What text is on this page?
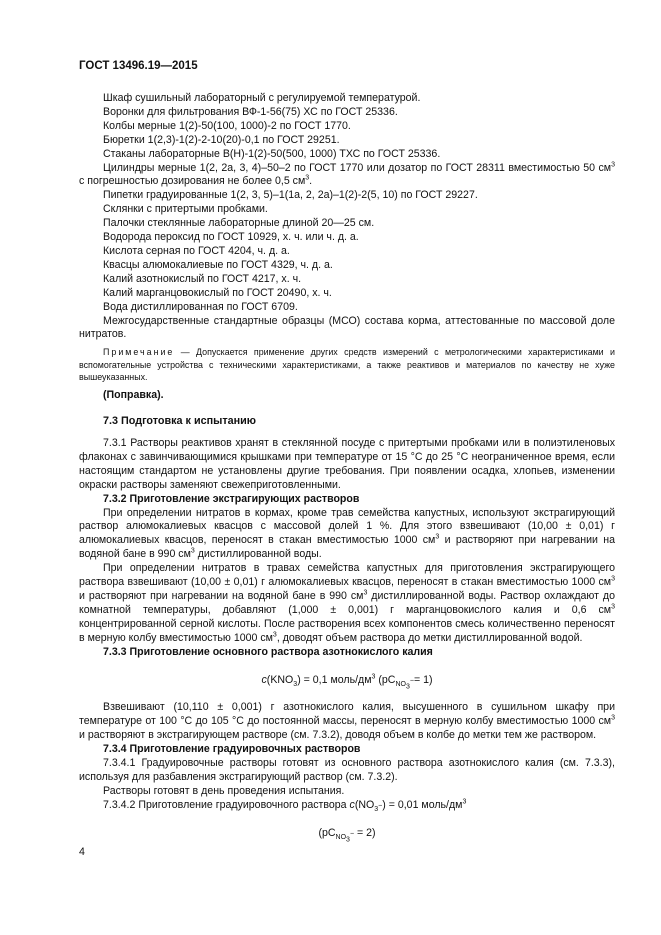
ГОСТ 13496.19—2015

Шкаф сушильный лабораторный с регулируемой температурой.

Воронки для фильтрования ВФ-1-56(75) ХС по ГОСТ 25336.

Колбы мерные 1(2)-50(100, 1000)-2 по ГОСТ 1770.

Бюретки 1(2,3)-1(2)-2-10(20)-0,1 по ГОСТ 29251.

Стаканы лабораторные В(Н)-1(2)-50(500, 1000) ТХС по ГОСТ 25336.

Цилиндры мерные 1(2, 2а, 3, 4)–50–2 по ГОСТ 1770 или дозатор по ГОСТ 28311 вместимостью 50 $см^3$ с погрешностью дозирования не более 0,5 $см^3$.

Пипетки градуированные 1(2, 3, 5)–1(1а, 2, 2а)–1(2)-2(5, 10) по ГОСТ 29227.

Склянки с притертыми пробками.

Палочки стеклянные лабораторные длиной 20—25 см.

Водорода пероксид по ГОСТ 10929, х. ч. или ч. д. а.

Кислота серная по ГОСТ 4204, ч. д. а.

Квасцы алюмокалиевые по ГОСТ 4329, ч. д. а.

Калий азотнокислый по ГОСТ 4217, х. ч.

Калий марганцовокислый по ГОСТ 20490, х. ч.

Вода дистиллированная по ГОСТ 6709.

Межгосударственные стандартные образцы (МСО) состава корма, аттестованные по массовой доле нитратов.

Примечание — Допускается применение других средств измерений с метрологическими характеристиками и вспомогательные устройства с техническими характеристиками, а также реактивов и материалов по качеству не хуже вышеуказанных.

(Поправка).

7.3 Подготовка к испытанию

7.3.1 Растворы реактивов хранят в стеклянной посуде с притертыми пробками или в полиэтиленовых флаконах с завинчивающимися крышками при температуре от 15 °С до 25 °С неограниченное время, если настоящим стандартом не установлены другие требования. При появлении осадка, хлопьев, изменении окраски растворы заменяют свежеприготовленными.

7.3.2 Приготовление экстрагирующих растворов

При определении нитратов в кормах, кроме трав семейства капустных, используют экстрагирующий раствор алюмокалиевых квасцов с массовой долей 1 %. Для этого взвешивают (10,00 ± 0,01) г алюмокалиевых квасцов, переносят в стакан вместимостью 1000 $см^3$ и растворяют при нагревании на водяной бане в 990 $см^3$ дистиллированной воды.

При определении нитратов в травах семейства капустных для приготовления экстрагирующего раствора взвешивают (10,00 ± 0,01) г алюмокалиевых квасцов, переносят в стакан вместимостью 1000 $см^3$ и растворяют при нагревании на водяной бане в 990 $см^3$ дистиллированной воды. Раствор охлаждают до комнатной температуры, добавляют (1,000 ± 0,001) г марганцовокислого калия и 0,6 $см^3$ концентрированной серной кислоты. После растворения всех компонентов смесь количественно переносят в мерную колбу вместимостью 1000 $см^3$, доводят объем раствора до метки дистиллированной водой.

7.3.3 Приготовление основного раствора азотнокислого калия

$c(KNO_3) = 0,1$ моль/$дм^3$ $(pC_{NO_3^-}= 1)$

Взвешивают (10,110 ± 0,001) г азотнокислого калия, высушенного в сушильном шкафу при температуре от 100 °С до 105 °С до постоянной массы, переносят в мерную колбу вместимостью 1000 $см^3$ и растворяют в экстрагирующем растворе (см. 7.3.2), доводя объем в колбе до метки тем же раствором.

7.3.4 Приготовление градуировочных растворов

7.3.4.1 Градуировочные растворы готовят из основного раствора азотнокислого калия (см. 7.3.3), используя для разбавления экстрагирующий раствор (см. 7.3.2).

Растворы готовят в день проведения испытания.

7.3.4.2 Приготовление градуировочного раствора $c(NO_{3^-}) = 0,01$ моль/$дм^3$

$(pC_{NO_3^-} = 2)$

4
